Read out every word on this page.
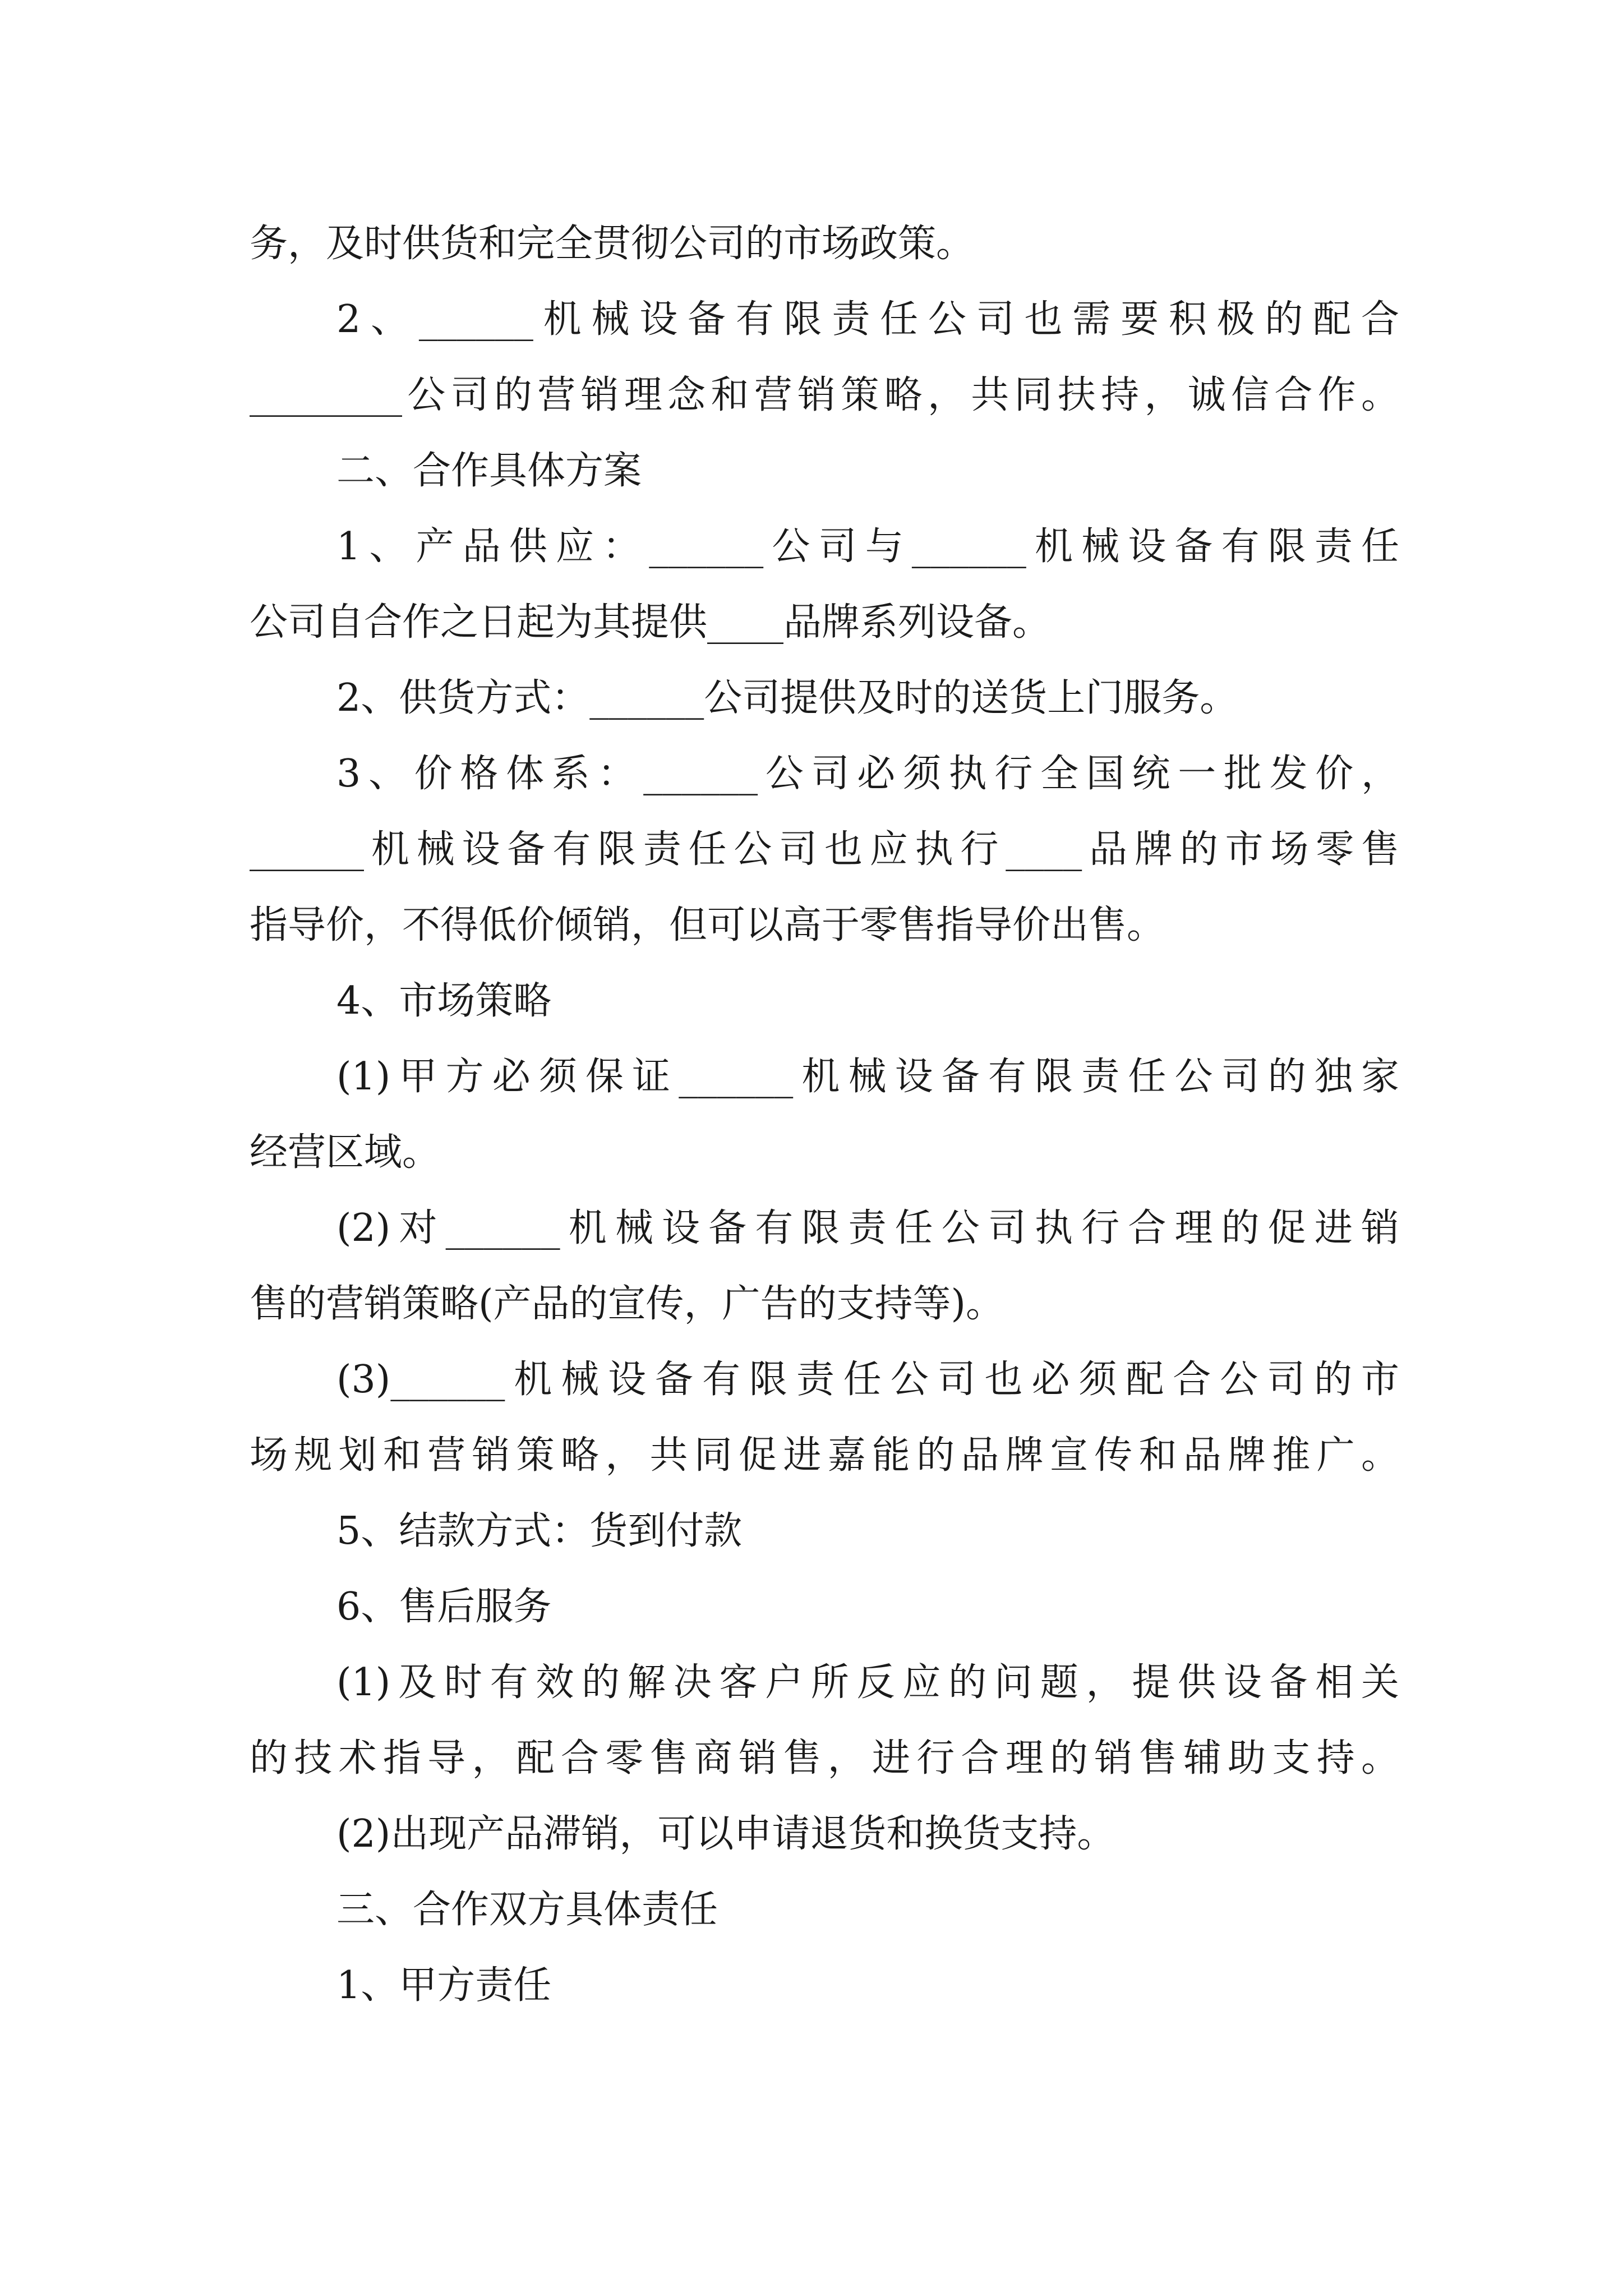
务，及时供货和完全贯彻公司的市场政策。
2、______机械设备有限责任公司也需要积极的配合
________公司的营销理念和营销策略，共同扶持，诚信合作。
二、合作具体方案
1、产品供应：______公司与______机械设备有限责任
公司自合作之日起为其提供____品牌系列设备。
2、供货方式：______公司提供及时的送货上门服务。
3、价格体系：______公司必须执行全国统一批发价，
______机械设备有限责任公司也应执行____品牌的市场零售
指导价，不得低价倾销，但可以高于零售指导价出售。
4、市场策略
(1)甲方必须保证______机械设备有限责任公司的独家
经营区域。
(2)对______机械设备有限责任公司执行合理的促进销
售的营销策略(产品的宣传，广告的支持等)。
(3)______机械设备有限责任公司也必须配合公司的市
场规划和营销策略，共同促进嘉能的品牌宣传和品牌推广。
5、结款方式：货到付款
6、售后服务
(1)及时有效的解决客户所反应的问题，提供设备相关
的技术指导，配合零售商销售，进行合理的销售辅助支持。
(2)出现产品滞销，可以申请退货和换货支持。
三、合作双方具体责任
1、甲方责任
